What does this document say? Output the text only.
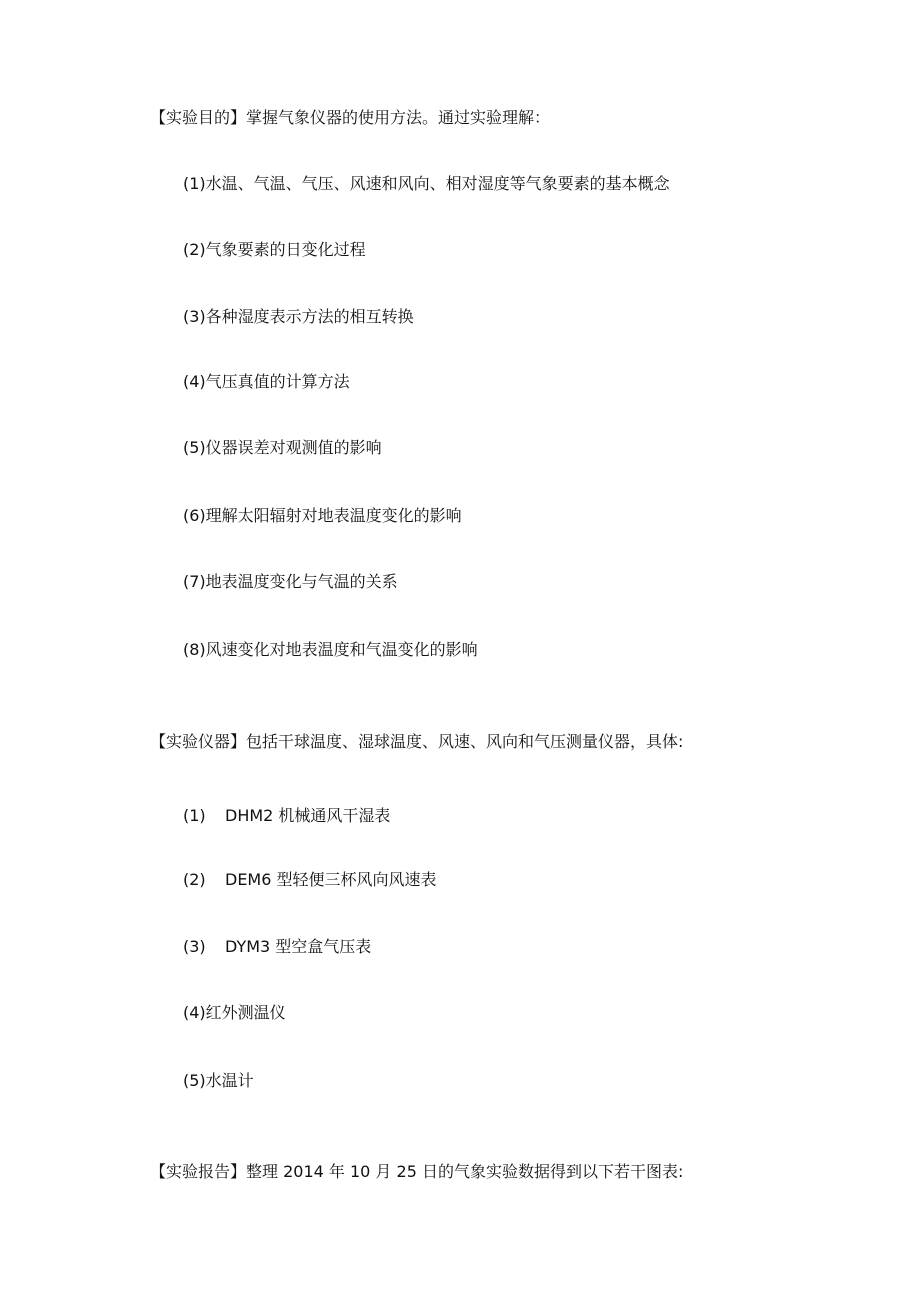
【实验目的】掌握气象仪器的使用方法。通过实验理解：
(1)水温、气温、气压、风速和风向、相对湿度等气象要素的基本概念
(2)气象要素的日变化过程
(3)各种湿度表示方法的相互转换
(4)气压真值的计算方法
(5)仪器误差对观测值的影响
(6)理解太阳辐射对地表温度变化的影响
(7)地表温度变化与气温的关系
(8)风速变化对地表温度和气温变化的影响
【实验仪器】包括干球温度、湿球温度、风速、风向和气压测量仪器，具体:
(1) DHM2 机械通风干湿表
(2) DEM6 型轻便三杯风向风速表
(3) DYM3 型空盒气压表
(4)红外测温仪
(5)水温计
【实验报告】整理 2014 年 10 月 25 日的气象实验数据得到以下若干图表:
